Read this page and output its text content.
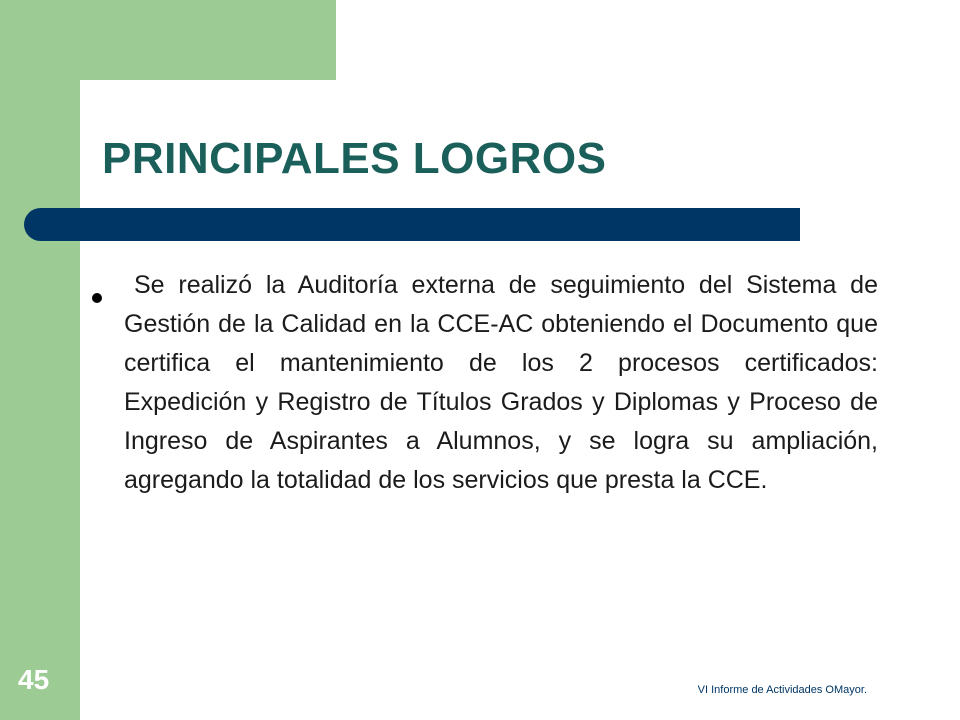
PRINCIPALES LOGROS

Se realizó la Auditoría externa de seguimiento del Sistema de Gestión de la Calidad en la CCE-AC obteniendo el Documento que certifica el mantenimiento de los 2 procesos certificados: Expedición y Registro de Títulos Grados y Diplomas y Proceso de Ingreso de Aspirantes a Alumnos, y se logra su ampliación, agregando la totalidad de los servicios que presta la CCE.

45	VI Informe de Actividades OMayor.
